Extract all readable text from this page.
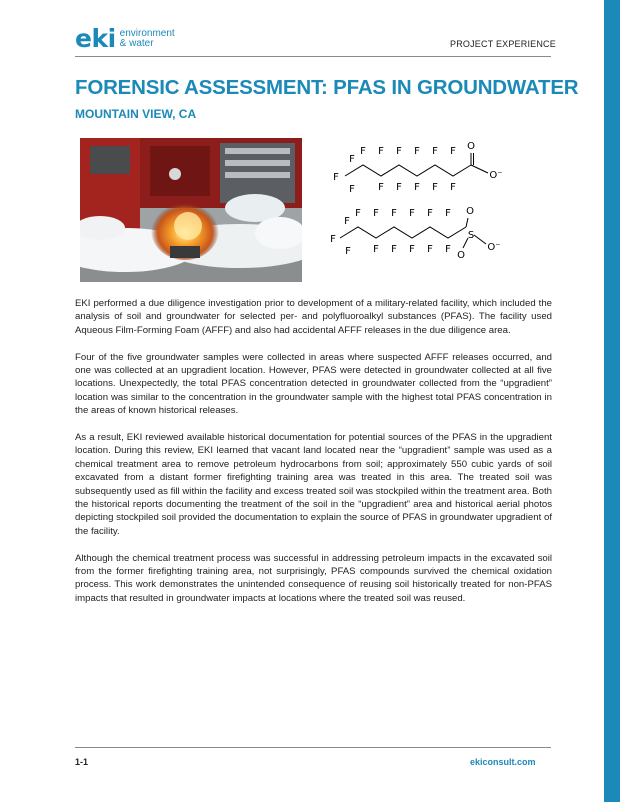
eki environment
& water	PROJECT EXPERIENCE
FORENSIC ASSESSMENT: PFAS IN GROUNDWATER
MOUNTAIN VIEW, CA
F F F F F F
F
F
F F F F F F
O
O⁻
F F F F F F
F
F
F F F F F F
O
S
O
O⁻

EKI performed a due diligence investigation prior to development of a military-related facility, which included the analysis of soil and groundwater for selected per- and polyfluoroalkyl substances (PFAS). The facility used Aqueous Film-Forming Foam (AFFF) and also had accidental AFFF releases in the due diligence area.

Four of the five groundwater samples were collected in areas where suspected AFFF releases occurred, and one was collected at an upgradient location. However, PFAS were detected in groundwater collected at all five locations. Unexpectedly, the total PFAS concentration detected in groundwater collected from the “upgradient” location was similar to the concentration in the groundwater sample with the highest total PFAS concentration in the areas of known historical releases.

As a result, EKI reviewed available historical documentation for potential sources of the PFAS in the upgradient location. During this review, EKI learned that vacant land located near the “upgradient” sample was used as a chemical treatment area to remove petroleum hydrocarbons from soil; approximately 550 cubic yards of soil excavated from a distant former firefighting training area was treated in this area. The treated soil was subsequently used as fill within the facility and excess treated soil was stockpiled within the treatment area. Both the historical reports documenting the treatment of the soil in the “upgradient” area and historical aerial photos depicting stockpiled soil provided the documentation to explain the source of PFAS in groundwater upgradient of the facility.

Although the chemical treatment process was successful in addressing petroleum impacts in the excavated soil from the former firefighting training area, not surprisingly, PFAS compounds survived the chemical oxidation process. This work demonstrates the unintended consequence of reusing soil historically treated for non-PFAS impacts that resulted in groundwater impacts at locations where the treated soil was reused.

1-1	ekiconsult.com
